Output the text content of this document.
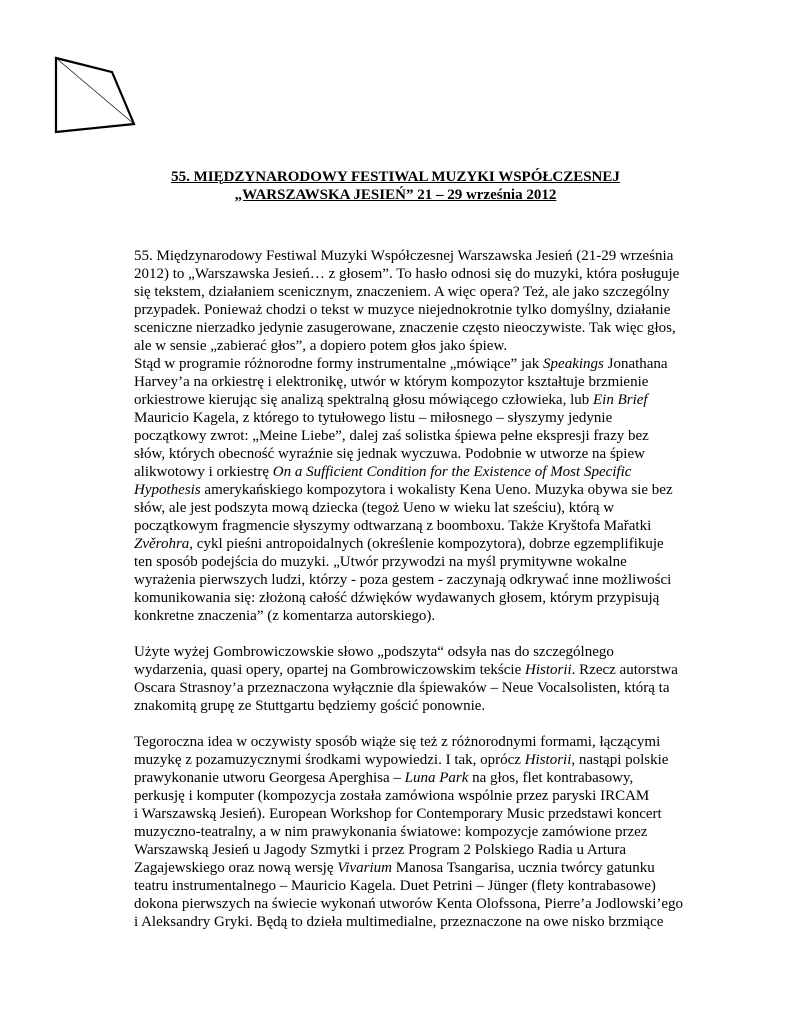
55. MIĘDZYNARODOWY FESTIWAL MUZYKI WSPÓŁCZESNEJ
„WARSZAWSKA JESIEŃ” 21 – 29 września 2012
55. Międzynarodowy Festiwal Muzyki Współczesnej Warszawska Jesień (21-29 września
2012) to „Warszawska Jesień… z głosem”. To hasło odnosi się do muzyki, która posługuje
się tekstem, działaniem scenicznym, znaczeniem. A więc opera? Też, ale jako szczególny
przypadek. Ponieważ chodzi o tekst w muzyce niejednokrotnie tylko domyślny, działanie
sceniczne nierzadko jedynie zasugerowane, znaczenie często nieoczywiste. Tak więc głos,
ale w sensie „zabierać głos”, a dopiero potem głos jako śpiew.
Stąd w programie różnorodne formy instrumentalne „mówiące” jak Speakings Jonathana
Harvey’a na orkiestrę i elektronikę, utwór w którym kompozytor kształtuje brzmienie
orkiestrowe kierując się analizą spektralną głosu mówiącego człowieka, lub Ein Brief
Mauricio Kagela, z którego to tytułowego listu – miłosnego – słyszymy jedynie
początkowy zwrot: „Meine Liebe”, dalej zaś solistka śpiewa pełne ekspresji frazy bez
słów, których obecność wyraźnie się jednak wyczuwa. Podobnie w utworze na śpiew
alikwotowy i orkiestrę On a Sufficient Condition for the Existence of Most Specific
Hypothesis amerykańskiego kompozytora i wokalisty Kena Ueno. Muzyka obywa sie bez
słów, ale jest podszyta mową dziecka (tegoż Ueno w wieku lat sześciu), którą w
początkowym fragmencie słyszymy odtwarzaną z boomboxu. Także Kryštofa Mařatki
Zvěrohra, cykl pieśni antropoidalnych (określenie kompozytora), dobrze egzemplifikuje
ten sposób podejścia do muzyki. „Utwór przywodzi na myśl prymitywne wokalne
wyrażenia pierwszych ludzi, którzy - poza gestem - zaczynają odkrywać inne możliwości
komunikowania się: złożoną całość dźwięków wydawanych głosem, którym przypisują
konkretne znaczenia” (z komentarza autorskiego).
Użyte wyżej Gombrowiczowskie słowo „podszyta“ odsyła nas do szczególnego
wydarzenia, quasi opery, opartej na Gombrowiczowskim tekście Historii. Rzecz autorstwa
Oscara Strasnoy’a przeznaczona wyłącznie dla śpiewaków – Neue Vocalsolisten, którą ta
znakomitą grupę ze Stuttgartu będziemy gościć ponownie.
Tegoroczna idea w oczywisty sposób wiąże się też z różnorodnymi formami, łączącymi
muzykę z pozamuzycznymi środkami wypowiedzi. I tak, oprócz Historii, nastąpi polskie
prawykonanie utworu Georgesa Aperghisa – Luna Park na głos, flet kontrabasowy,
perkusję i komputer (kompozycja została zamówiona wspólnie przez paryski IRCAM
i Warszawską Jesień). European Workshop for Contemporary Music przedstawi koncert
muzyczno-teatralny, a w nim prawykonania światowe: kompozycje zamówione przez
Warszawską Jesień u Jagody Szmytki i przez Program 2 Polskiego Radia u Artura
Zagajewskiego oraz nową wersję Vivarium Manosa Tsangarisa, ucznia twórcy gatunku
teatru instrumentalnego – Mauricio Kagela. Duet Petrini – Jünger (flety kontrabasowe)
dokona pierwszych na świecie wykonań utworów Kenta Olofssona, Pierre’a Jodlowski’ego
i Aleksandry Gryki. Będą to dzieła multimedialne, przeznaczone na owe nisko brzmiące
